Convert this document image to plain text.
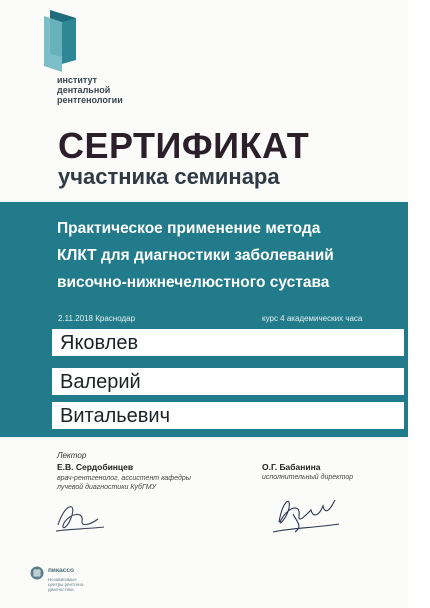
институт
дентальной
рентгенологии
СЕРТИФИКАТ
участника семинара
Практическое применение метода
КЛКТ для диагностики заболеваний
височно-нижнечелюстного сустава
2.11.2018 Краснодар	курс 4 академических часа
Яковлев
Валерий
Витальевич
Лектор
Е.В. Сердобинцев
врач-рентгенолог, ассистент кафедры
лучевой диагностики КубГМУ
О.Г. Бабанина
исполнительный директор
пикассо
Независимые
центры рентгено-
диагностики
